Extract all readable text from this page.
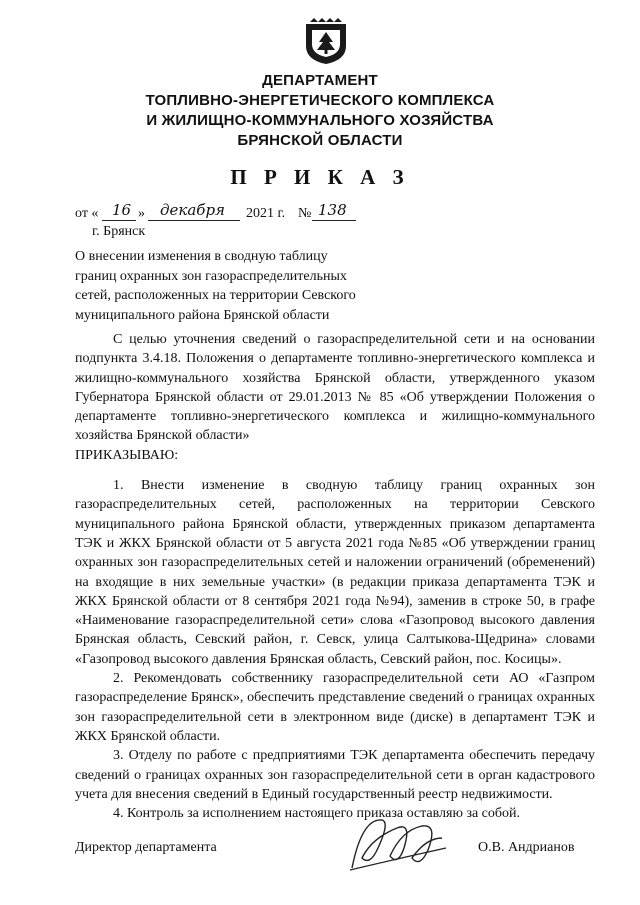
ДЕПАРТАМЕНТ
ТОПЛИВНО-ЭНЕРГЕТИЧЕСКОГО КОМПЛЕКСА
И ЖИЛИЩНО-КОММУНАЛЬНОГО ХОЗЯЙСТВА
БРЯНСКОЙ ОБЛАСТИ
П Р И К А З
от « 16 » декабря 2021 г. № 138
г. Брянск
О внесении изменения в сводную таблицу
границ охранных зон газораспределительных
сетей, расположенных на территории Севского
муниципального района Брянской области

С целью уточнения сведений о газораспределительной сети и на основании подпункта 3.4.18. Положения о департаменте топливно-энергетического комплекса и жилищно-коммунального хозяйства Брянской области, утвержденного указом Губернатора Брянской области от 29.01.2013 № 85 «Об утверждении Положения о департаменте топливно-энергетического комплекса и жилищно-коммунального хозяйства Брянской области»

ПРИКАЗЫВАЮ:

1. Внести изменение в сводную таблицу границ охранных зон газораспределительных сетей, расположенных на территории Севского муниципального района Брянской области, утвержденных приказом департамента ТЭК и ЖКХ Брянской области от 5 августа 2021 года №85 «Об утверждении границ охранных зон газораспределительных сетей и наложении ограничений (обременений) на входящие в них земельные участки» (в редакции приказа департамента ТЭК и ЖКХ Брянской области от 8 сентября 2021 года №94), заменив в строке 50, в графе «Наименование газораспределительной сети» слова «Газопровод высокого давления Брянская область, Севский район, г. Севск, улица Салтыкова-Щедрина» словами «Газопровод высокого давления Брянская область, Севский район, пос. Косицы».

2. Рекомендовать собственнику газораспределительной сети АО «Газпром газораспределение Брянск», обеспечить представление сведений о границах охранных зон газораспределительной сети в электронном виде (диске) в департамент ТЭК и ЖКХ Брянской области.

3. Отделу по работе с предприятиями ТЭК департамента обеспечить передачу сведений о границах охранных зон газораспределительной сети в орган кадастрового учета для внесения сведений в Единый государственный реестр недвижимости.

4. Контроль за исполнением настоящего приказа оставляю за собой.

Директор департамента	О.В. Андрианов
